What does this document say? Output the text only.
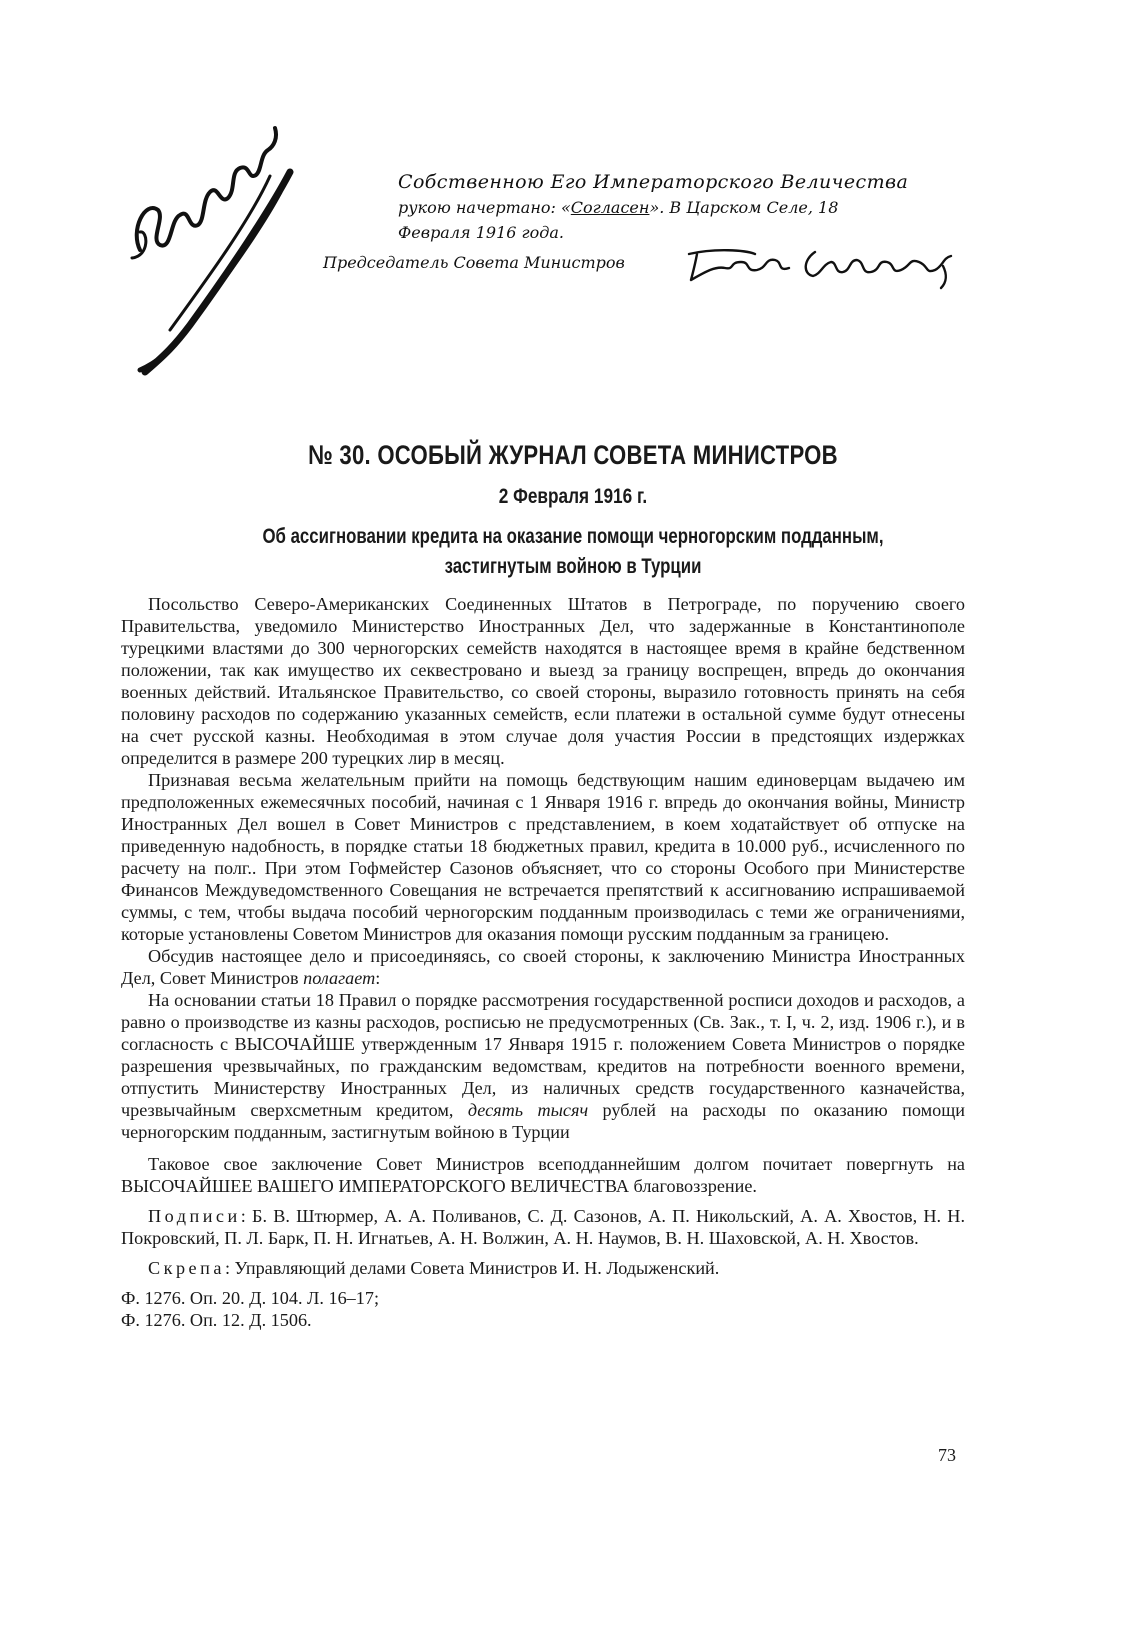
Согласен

Собственною Его Императорского Величества

рукою начертано: «Согласен». В Царском Селе, 18

Февраля 1916 года.

Председатель Совета Министров

№ 30. ОСОБЫЙ ЖУРНАЛ СОВЕТА МИНИСТРОВ
2 Февраля 1916 г.
Об ассигновании кредита на оказание помощи черногорским подданным,
застигнутым войною в Турции

Посольство Северо-Американских Соединенных Штатов в Петрограде, по поручению своего Правительства, уведомило Министерство Иностранных Дел, что задержанные в Константинополе турецкими властями до 300 черногорских семейств находятся в настоящее время в крайне бедственном положении, так как имущество их секвестровано и выезд за границу воспрещен, впредь до окончания военных действий. Итальянское Правительство, со своей стороны, выразило готовность принять на себя половину расходов по содержанию указанных семейств, если платежи в остальной сумме будут отнесены на счет русской казны. Необходимая в этом случае доля участия России в предстоящих издержках определится в размере 200 турецких лир в месяц.

Признавая весьма желательным прийти на помощь бедствующим нашим единоверцам выдачею им предположенных ежемесячных пособий, начиная с 1 Января 1916 г. впредь до окончания войны, Министр Иностранных Дел вошел в Совет Министров с представлением, в коем ходатайствует об отпуске на приведенную надобность, в порядке статьи 18 бюджетных правил, кредита в 10.000 руб., исчисленного по расчету на полг.. При этом Гофмейстер Сазонов объясняет, что со стороны Особого при Министерстве Финансов Междуведомственного Совещания не встречается препятствий к ассигнованию испрашиваемой суммы, с тем, чтобы выдача пособий черногорским подданным производилась с теми же ограничениями, которые установлены Советом Министров для оказания помощи русским подданным за границею.

Обсудив настоящее дело и присоединяясь, со своей стороны, к заключению Министра Иностранных Дел, Совет Министров полагает:

На основании статьи 18 Правил о порядке рассмотрения государственной росписи доходов и расходов, а равно о производстве из казны расходов, росписью не предусмотренных (Св. Зак., т. I, ч. 2, изд. 1906 г.), и в согласность с ВЫСОЧАЙШЕ утвержденным 17 Января 1915 г. положением Совета Министров о порядке разрешения чрезвычайных, по гражданским ведомствам, кредитов на потребности военного времени, отпустить Министерству Иностранных Дел, из наличных средств государственного казначейства, чрезвычайным сверхсметным кредитом, десять тысяч рублей на расходы по оказанию помощи черногорским подданным, застигнутым войною в Турции

Таковое свое заключение Совет Министров всеподданнейшим долгом почитает повергнуть на ВЫСОЧАЙШЕЕ ВАШЕГО ИМПЕРАТОРСКОГО ВЕЛИЧЕСТВА благовоззрение.

Подписи: Б. В. Штюрмер, А. А. Поливанов, С. Д. Сазонов, А. П. Никольский, А. А. Хвостов, Н. Н. Покровский, П. Л. Барк, П. Н. Игнатьев, А. Н. Волжин, А. Н. Наумов, В. Н. Шаховской, А. Н. Хвостов.

Скрепа: Управляющий делами Совета Министров И. Н. Лодыженский.

Ф. 1276. Оп. 20. Д. 104. Л. 16–17;

Ф. 1276. Оп. 12. Д. 1506.

73
